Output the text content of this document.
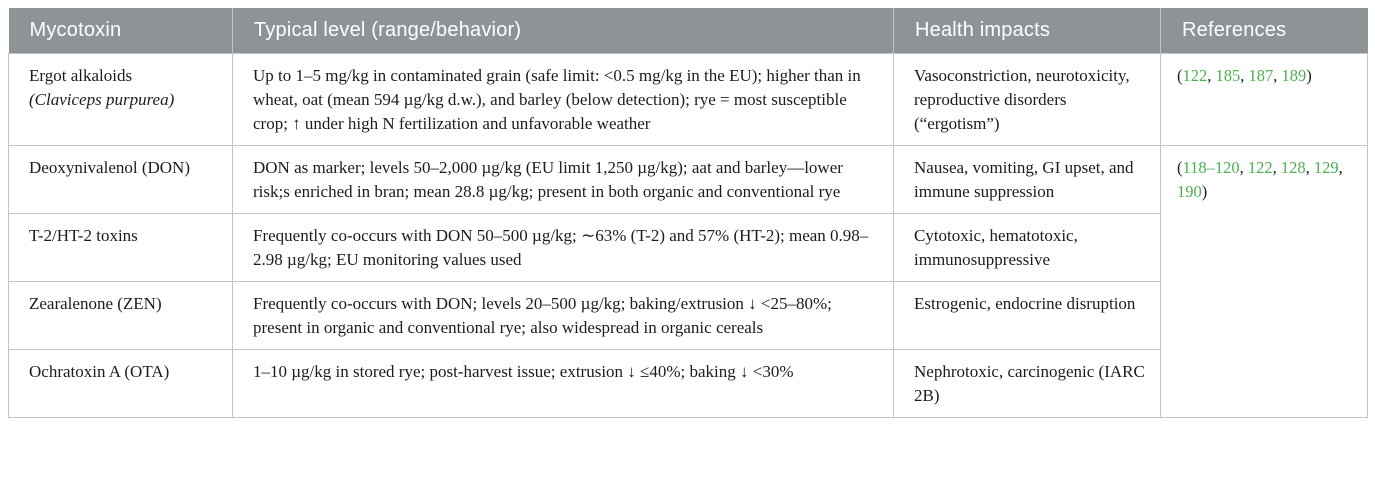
Mycotoxin	Typical level (range/behavior)	Health impacts	References
Ergot alkaloids
(Claviceps purpurea)	Up to 1–5 mg/kg in contaminated grain (safe limit: <0.5 mg/kg in the EU); higher than in wheat, oat (mean 594 µg/kg d.w.), and barley (below detection); rye = most susceptible crop; ↑ under high N fertilization and unfavorable weather	Vasoconstriction, neurotoxicity, reproductive disorders (“ergotism”)	(122, 185, 187, 189)
Deoxynivalenol (DON)	DON as marker; levels 50–2,000 µg/kg (EU limit 1,250 µg/kg); aat and barley—lower risk;s enriched in bran; mean 28.8 µg/kg; present in both organic and conventional rye	Nausea, vomiting, GI upset, and immune suppression	(118–120, 122, 128, 129, 190)
T-2/HT-2 toxins	Frequently co-occurs with DON 50–500 µg/kg; ∼63% (T-2) and 57% (HT-2); mean 0.98–2.98 µg/kg; EU monitoring values used	Cytotoxic, hematotoxic, immunosuppressive	
Zearalenone (ZEN)	Frequently co-occurs with DON; levels 20–500 µg/kg; baking/extrusion ↓ <25–80%; present in organic and conventional rye; also widespread in organic cereals	Estrogenic, endocrine disruption	
Ochratoxin A (OTA)	1–10 µg/kg in stored rye; post-harvest issue; extrusion ↓ ≤40%; baking ↓ <30%	Nephrotoxic, carcinogenic (IARC 2B)	
